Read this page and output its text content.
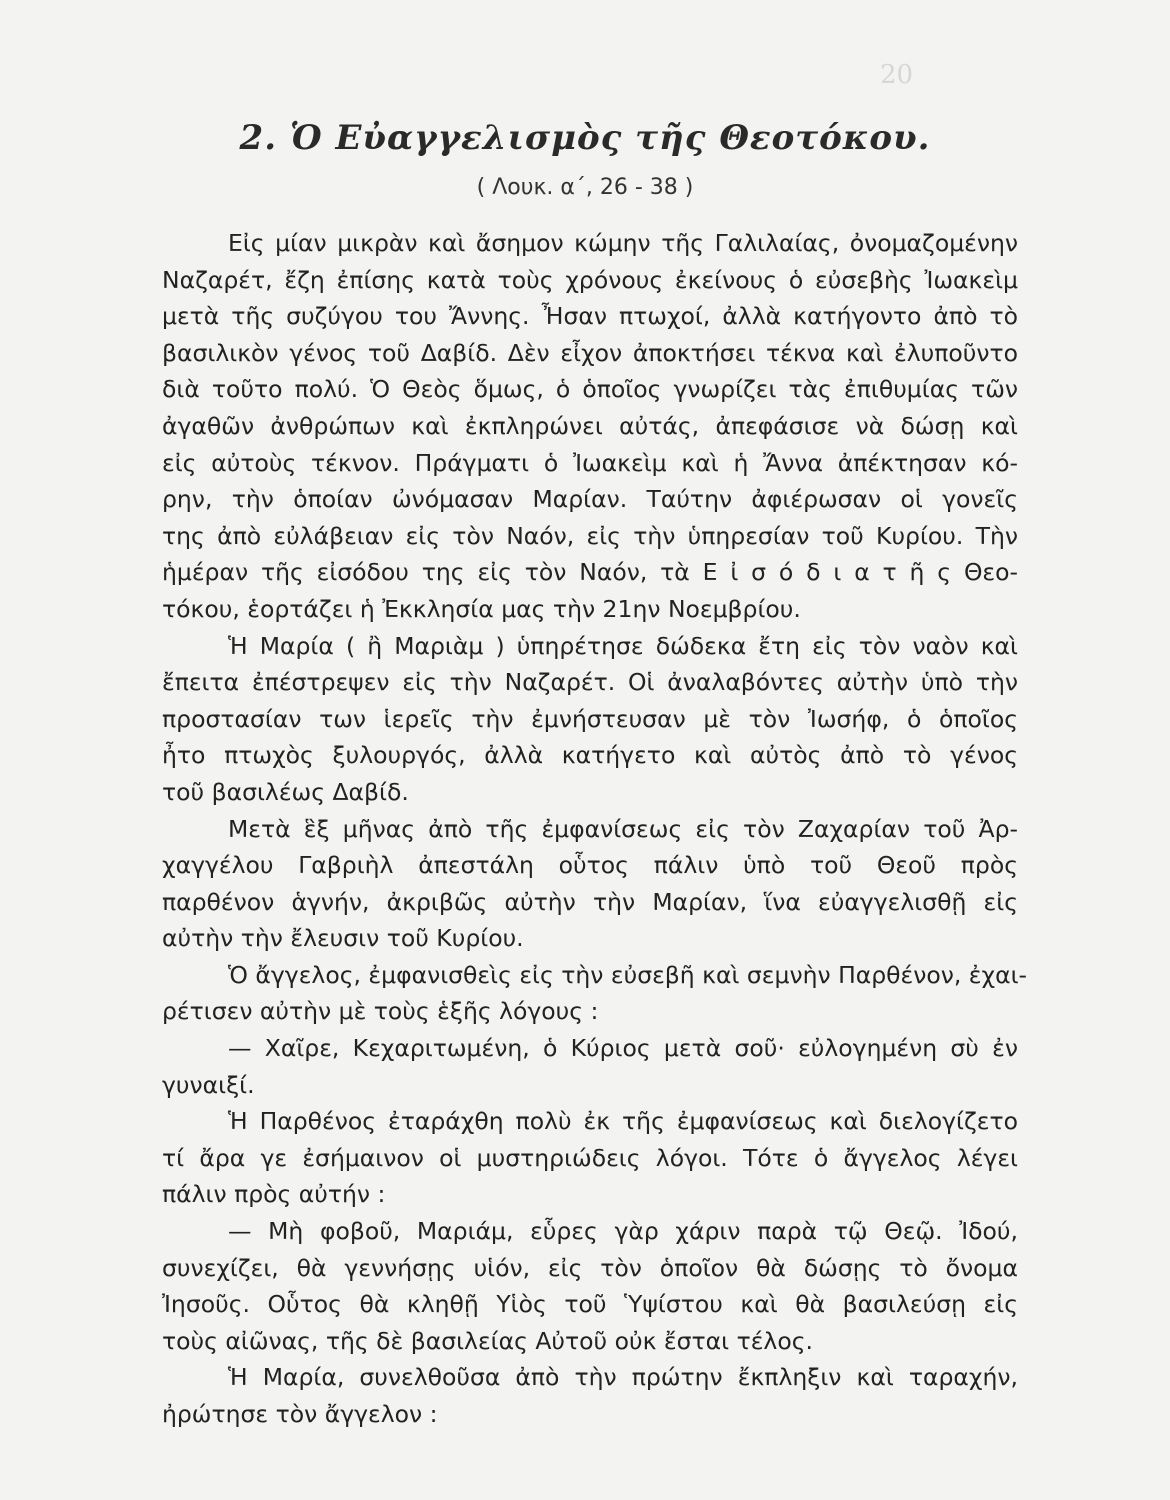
20
2. Ὁ Εὐαγγελισμὸς τῆς Θεοτόκου.
( Λουκ. α΄, 26 - 38 )
Εἰς μίαν μικρὰν καὶ ἄσημον κώμην τῆς Γαλιλαίας, ὀνομαζομένην
Ναζαρέτ, ἔζη ἐπίσης κατὰ τοὺς χρόνους ἐκείνους ὁ εὐσεβὴς Ἰωακεὶμ
μετὰ τῆς συζύγου του Ἄννης. Ἦσαν πτωχοί, ἀλλὰ κατήγοντο ἀπὸ τὸ
βασιλικὸν γένος τοῦ Δαβίδ. Δὲν εἶχον ἀποκτήσει τέκνα καὶ ἐλυποῦντο
διὰ τοῦτο πολύ. Ὁ Θεὸς ὅμως, ὁ ὁποῖος γνωρίζει τὰς ἐπιθυμίας τῶν
ἀγαθῶν ἀνθρώπων καὶ ἐκπληρώνει αὐτάς, ἀπεφάσισε νὰ δώσῃ καὶ
εἰς αὐτοὺς τέκνον. Πράγματι ὁ Ἰωακεὶμ καὶ ἡ Ἄννα ἀπέκτησαν κό-
ρην, τὴν ὁποίαν ὠνόμασαν Μαρίαν. Ταύτην ἀφιέρωσαν οἱ γονεῖς
της ἀπὸ εὐλάβειαν εἰς τὸν Ναόν, εἰς τὴν ὑπηρεσίαν τοῦ Κυρίου. Τὴν
ἡμέραν τῆς εἰσόδου της εἰς τὸν Ναόν, τὰ Ε ἰ σ ό δ ι α τ ῆ ς Θεο-
τόκου, ἑορτάζει ἡ Ἐκκλησία μας τὴν 21ην Νοεμβρίου.
Ἡ Μαρία ( ἢ Μαριὰμ ) ὑπηρέτησε δώδεκα ἔτη εἰς τὸν ναὸν καὶ
ἔπειτα ἐπέστρεψεν εἰς τὴν Ναζαρέτ. Οἱ ἀναλαβόντες αὐτὴν ὑπὸ τὴν
προστασίαν των ἱερεῖς τὴν ἐμνήστευσαν μὲ τὸν Ἰωσήφ, ὁ ὁποῖος
ἦτο πτωχὸς ξυλουργός, ἀλλὰ κατήγετο καὶ αὐτὸς ἀπὸ τὸ γένος
τοῦ βασιλέως Δαβίδ.
Μετὰ ἓξ μῆνας ἀπὸ τῆς ἐμφανίσεως εἰς τὸν Ζαχαρίαν τοῦ Ἀρ-
χαγγέλου Γαβριὴλ ἀπεστάλη οὗτος πάλιν ὑπὸ τοῦ Θεοῦ πρὸς
παρθένον ἁγνήν, ἀκριβῶς αὐτὴν τὴν Μαρίαν, ἵνα εὐαγγελισθῇ εἰς
αὐτὴν τὴν ἔλευσιν τοῦ Κυρίου.
Ὁ ἄγγελος, ἐμφανισθεὶς εἰς τὴν εὐσεβῆ καὶ σεμνὴν Παρθένον, ἐχαι-
ρέτισεν αὐτὴν μὲ τοὺς ἑξῆς λόγους :
— Χαῖρε, Κεχαριτωμένη, ὁ Κύριος μετὰ σοῦ· εὐλογημένη σὺ ἐν
γυναιξί.
Ἡ Παρθένος ἐταράχθη πολὺ ἐκ τῆς ἐμφανίσεως καὶ διελογίζετο
τί ἄρα γε ἐσήμαινον οἱ μυστηριώδεις λόγοι. Τότε ὁ ἄγγελος λέγει
πάλιν πρὸς αὐτήν :
— Μὴ φοβοῦ, Μαριάμ, εὗρες γὰρ χάριν παρὰ τῷ Θεῷ. Ἰδού,
συνεχίζει, θὰ γεννήσῃς υἱόν, εἰς τὸν ὁποῖον θὰ δώσῃς τὸ ὄνομα
Ἰησοῦς. Οὗτος θὰ κληθῇ Υἱὸς τοῦ Ὑψίστου καὶ θὰ βασιλεύσῃ εἰς
τοὺς αἰῶνας, τῆς δὲ βασιλείας Αὐτοῦ οὐκ ἔσται τέλος.
Ἡ Μαρία, συνελθοῦσα ἀπὸ τὴν πρώτην ἔκπληξιν καὶ ταραχήν,
ἠρώτησε τὸν ἄγγελον :
